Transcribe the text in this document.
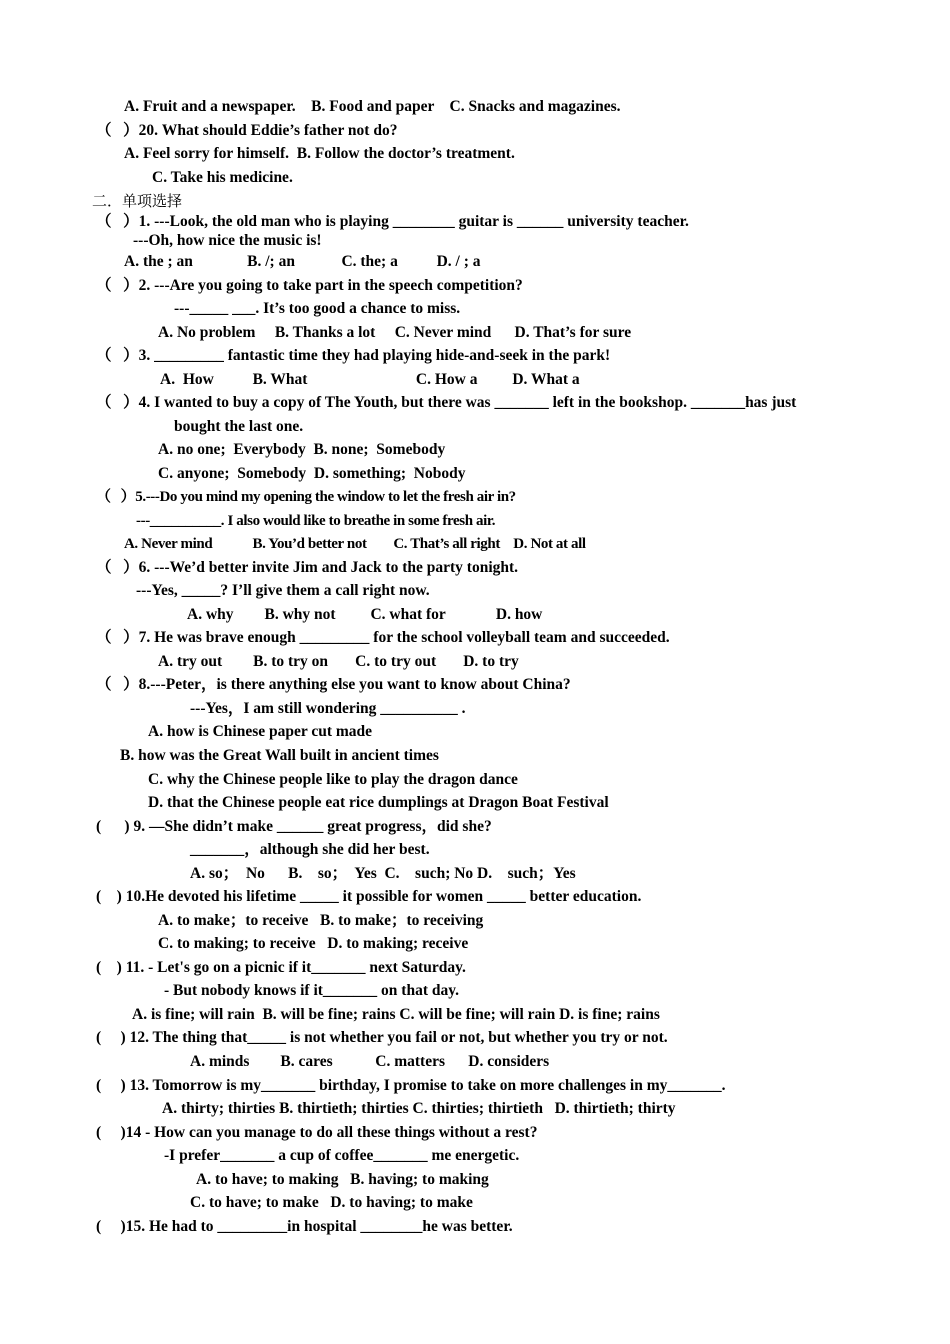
A. Fruit and a newspaper.    B. Food and paper    C. Snacks and magazines.
（   ）20. What should Eddie’s father not do?
A. Feel sorry for himself.  B. Follow the doctor’s treatment.
C. Take his medicine.
二．单项选择
（   ）1. ---Look, the old man who is playing ________ guitar is ______ university teacher.
---Oh, how nice the music is!
A. the ; an              B. /; an            C. the; a          D. / ; a
（   ）2. ---Are you going to take part in the speech competition?
---_____ ___. It’s too good a chance to miss.
A. No problem     B. Thanks a lot     C. Never mind      D. That’s for sure
（   ）3. _________ fantastic time they had playing hide-and-seek in the park!
A.  How          B. What                            C. How a         D. What a
（   ）4. I wanted to buy a copy of The Youth, but there was _______ left in the bookshop. _______has just
bought the last one.
A. no one;  Everybody  B. none;  Somebody
C. anyone;  Somebody  D. something;  Nobody
（   ）5.---Do you mind my opening the window to let the fresh air in?
---__________. I also would like to breathe in some fresh air.
A. Never mind            B. You’d better not        C. That’s all right    D. Not at all
（   ）6. ---We’d better invite Jim and Jack to the party tonight.
---Yes, _____? I’ll give them a call right now.
A. why        B. why not         C. what for             D. how
（   ）7. He was brave enough _________ for the school volleyball team and succeeded.
A. try out        B. to try on       C. to try out       D. to try
（   ）8.---Peter，is there anything else you want to know about China?
---Yes，I am still wondering __________ .
A. how is Chinese paper cut made
B. how was the Great Wall built in ancient times
C. why the Chinese people like to play the dragon dance
D. that the Chinese people eat rice dumplings at Dragon Boat Festival
(      ) 9. —She didn’t make ______ great progress，did she?
_______，although she did her best.
A. so；  No      B.    so；  Yes  C.    such; No D.    such；Yes
(    ) 10.He devoted his lifetime _____ it possible for women _____ better education.
A. to make；to receive   B. to make；to receiving
C. to making; to receive   D. to making; receive
(    ) 11. - Let's go on a picnic if it_______ next Saturday.
- But nobody knows if it_______ on that day.
A. is fine; will rain  B. will be fine; rains C. will be fine; will rain D. is fine; rains
(     ) 12. The thing that_____ is not whether you fail or not, but whether you try or not.
A. minds        B. cares           C. matters      D. considers
(     ) 13. Tomorrow is my_______ birthday, I promise to take on more challenges in my_______.
A. thirty; thirties B. thirtieth; thirties C. thirties; thirtieth   D. thirtieth; thirty
(     )14 - How can you manage to do all these things without a rest?
-I prefer_______ a cup of coffee_______ me energetic.
A. to have; to making   B. having; to making
C. to have; to make   D. to having; to make
(     )15. He had to _________in hospital ________he was better.
